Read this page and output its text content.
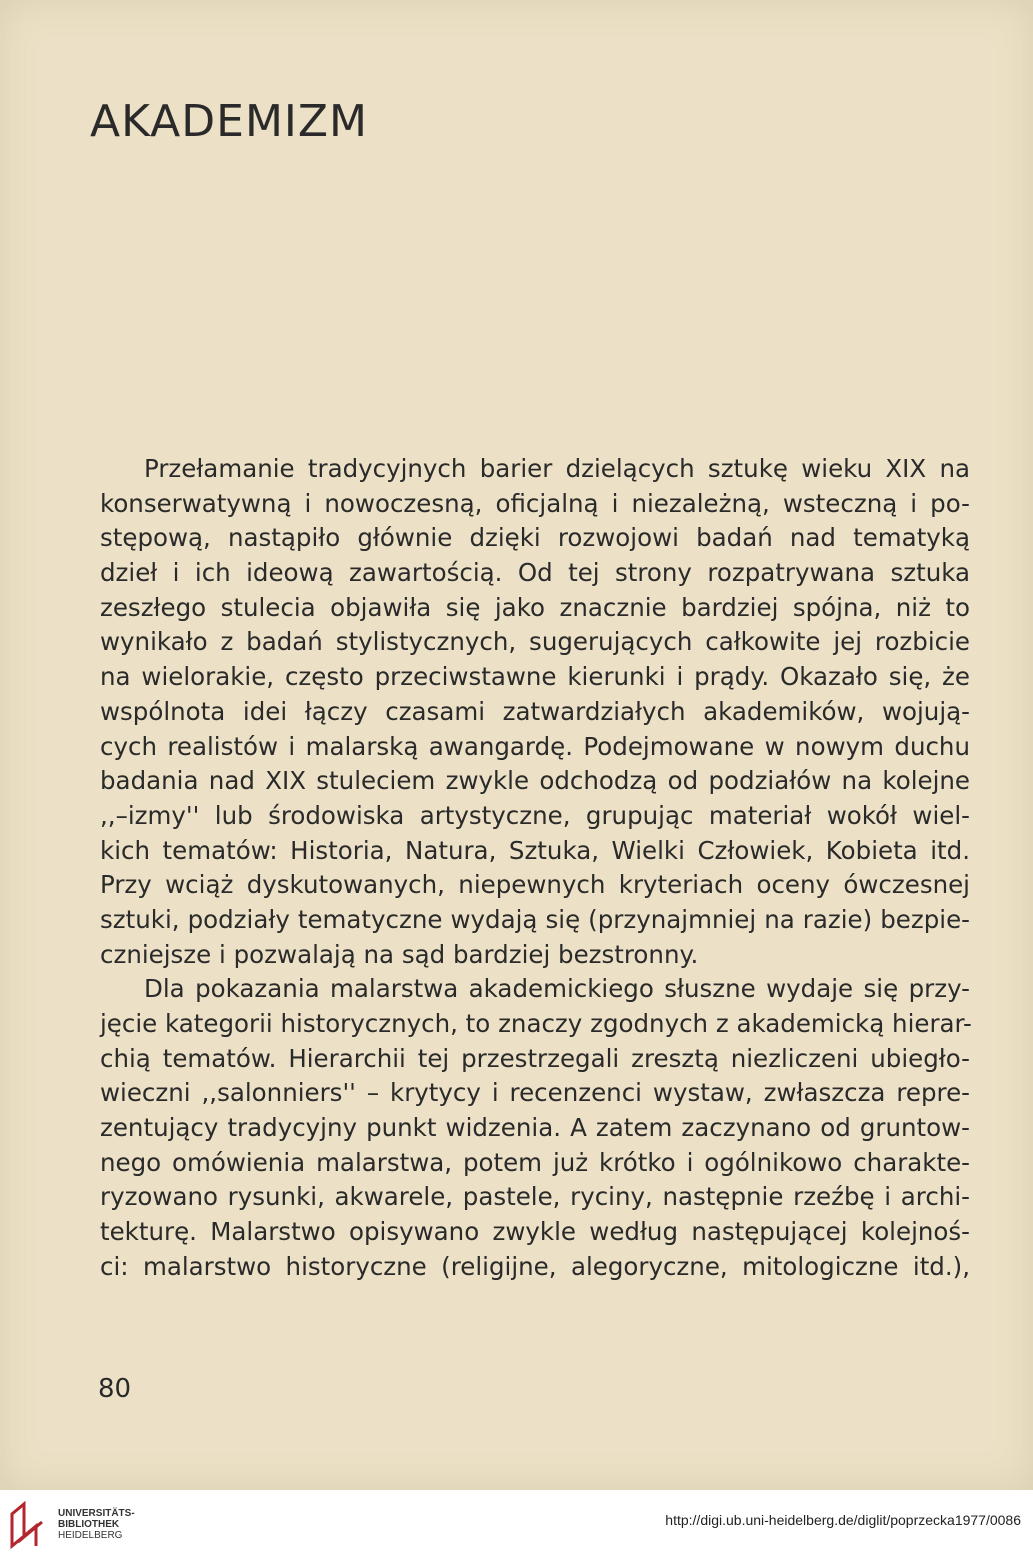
AKADEMIZM
Przełamanie tradycyjnych barier dzielących sztukę wieku XIX na
konserwatywną i nowoczesną, oficjalną i niezależną, wsteczną i po-
stępową, nastąpiło głównie dzięki rozwojowi badań nad tematyką
dzieł i ich ideową zawartością. Od tej strony rozpatrywana sztuka
zeszłego stulecia objawiła się jako znacznie bardziej spójna, niż to
wynikało z badań stylistycznych, sugerujących całkowite jej rozbicie
na wielorakie, często przeciwstawne kierunki i prądy. Okazało się, że
wspólnota idei łączy czasami zatwardziałych akademików, wojują-
cych realistów i malarską awangardę. Podejmowane w nowym duchu
badania nad XIX stuleciem zwykle odchodzą od podziałów na kolejne
,,–izmy'' lub środowiska artystyczne, grupując materiał wokół wiel-
kich tematów: Historia, Natura, Sztuka, Wielki Człowiek, Kobieta itd.
Przy wciąż dyskutowanych, niepewnych kryteriach oceny ówczesnej
sztuki, podziały tematyczne wydają się (przynajmniej na razie) bezpie-
czniejsze i pozwalają na sąd bardziej bezstronny.
Dla pokazania malarstwa akademickiego słuszne wydaje się przy-
jęcie kategorii historycznych, to znaczy zgodnych z akademicką hierar-
chią tematów. Hierarchii tej przestrzegali zresztą niezliczeni ubiegło-
wieczni ,,salonniers'' – krytycy i recenzenci wystaw, zwłaszcza repre-
zentujący tradycyjny punkt widzenia. A zatem zaczynano od gruntow-
nego omówienia malarstwa, potem już krótko i ogólnikowo charakte-
ryzowano rysunki, akwarele, pastele, ryciny, następnie rzeźbę i archi-
tekturę. Malarstwo opisywano zwykle według następującej kolejnoś-
ci: malarstwo historyczne (religijne, alegoryczne, mitologiczne itd.),
80
UNIVERSITÄTS-
BIBLIOTHEK
HEIDELBERG
http://digi.ub.uni-heidelberg.de/diglit/poprzecka1977/0086
